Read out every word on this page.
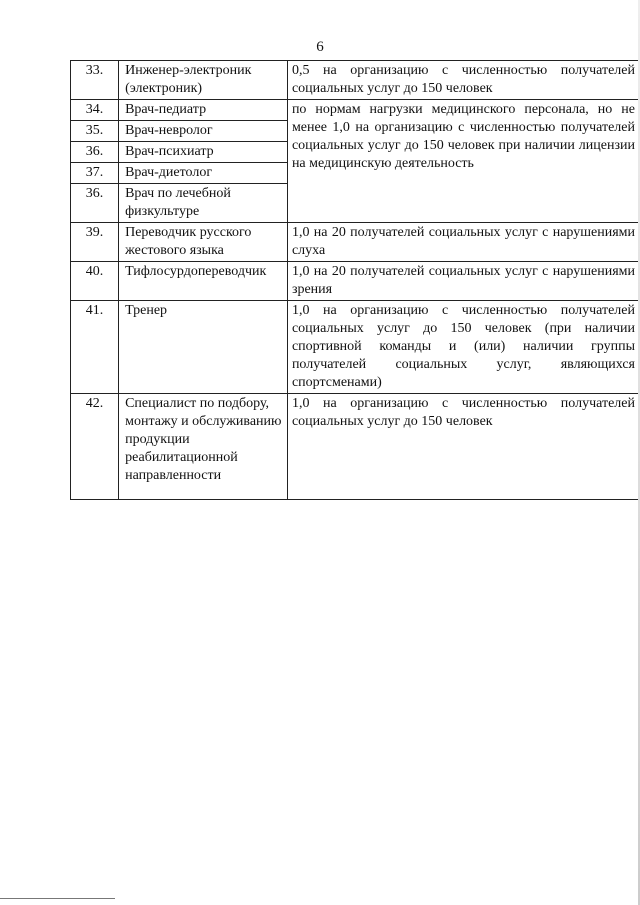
6
33.	Инженер-электроник (электроник)	0,5 на организацию с численностью получателей социальных услуг до 150 человек
34.	Врач-педиатр	по нормам нагрузки медицинского персонала, но не менее 1,0 на организацию с численностью получателей социальных услуг до 150 человек при наличии лицензии на медицинскую деятельность
35.	Врач-невролог	
36.	Врач-психиатр	
37.	Врач-диетолог	
36.	Врач по лечебной физкультуре	
39.	Переводчик русского жестового языка	1,0 на 20 получателей социальных услуг с нарушениями слуха
40.	Тифлосурдопереводчик	1,0 на 20 получателей социальных услуг с нарушениями зрения
41.	Тренер	1,0 на организацию с численностью получателей социальных услуг до 150 человек (при наличии спортивной команды и (или) наличии группы получателей социальных услуг, являющихся спортсменами)
42.	Специалист по подбору, монтажу и обслуживанию продукции реабилитационной направленности	1,0 на организацию с численностью получателей социальных услуг до 150 человек
